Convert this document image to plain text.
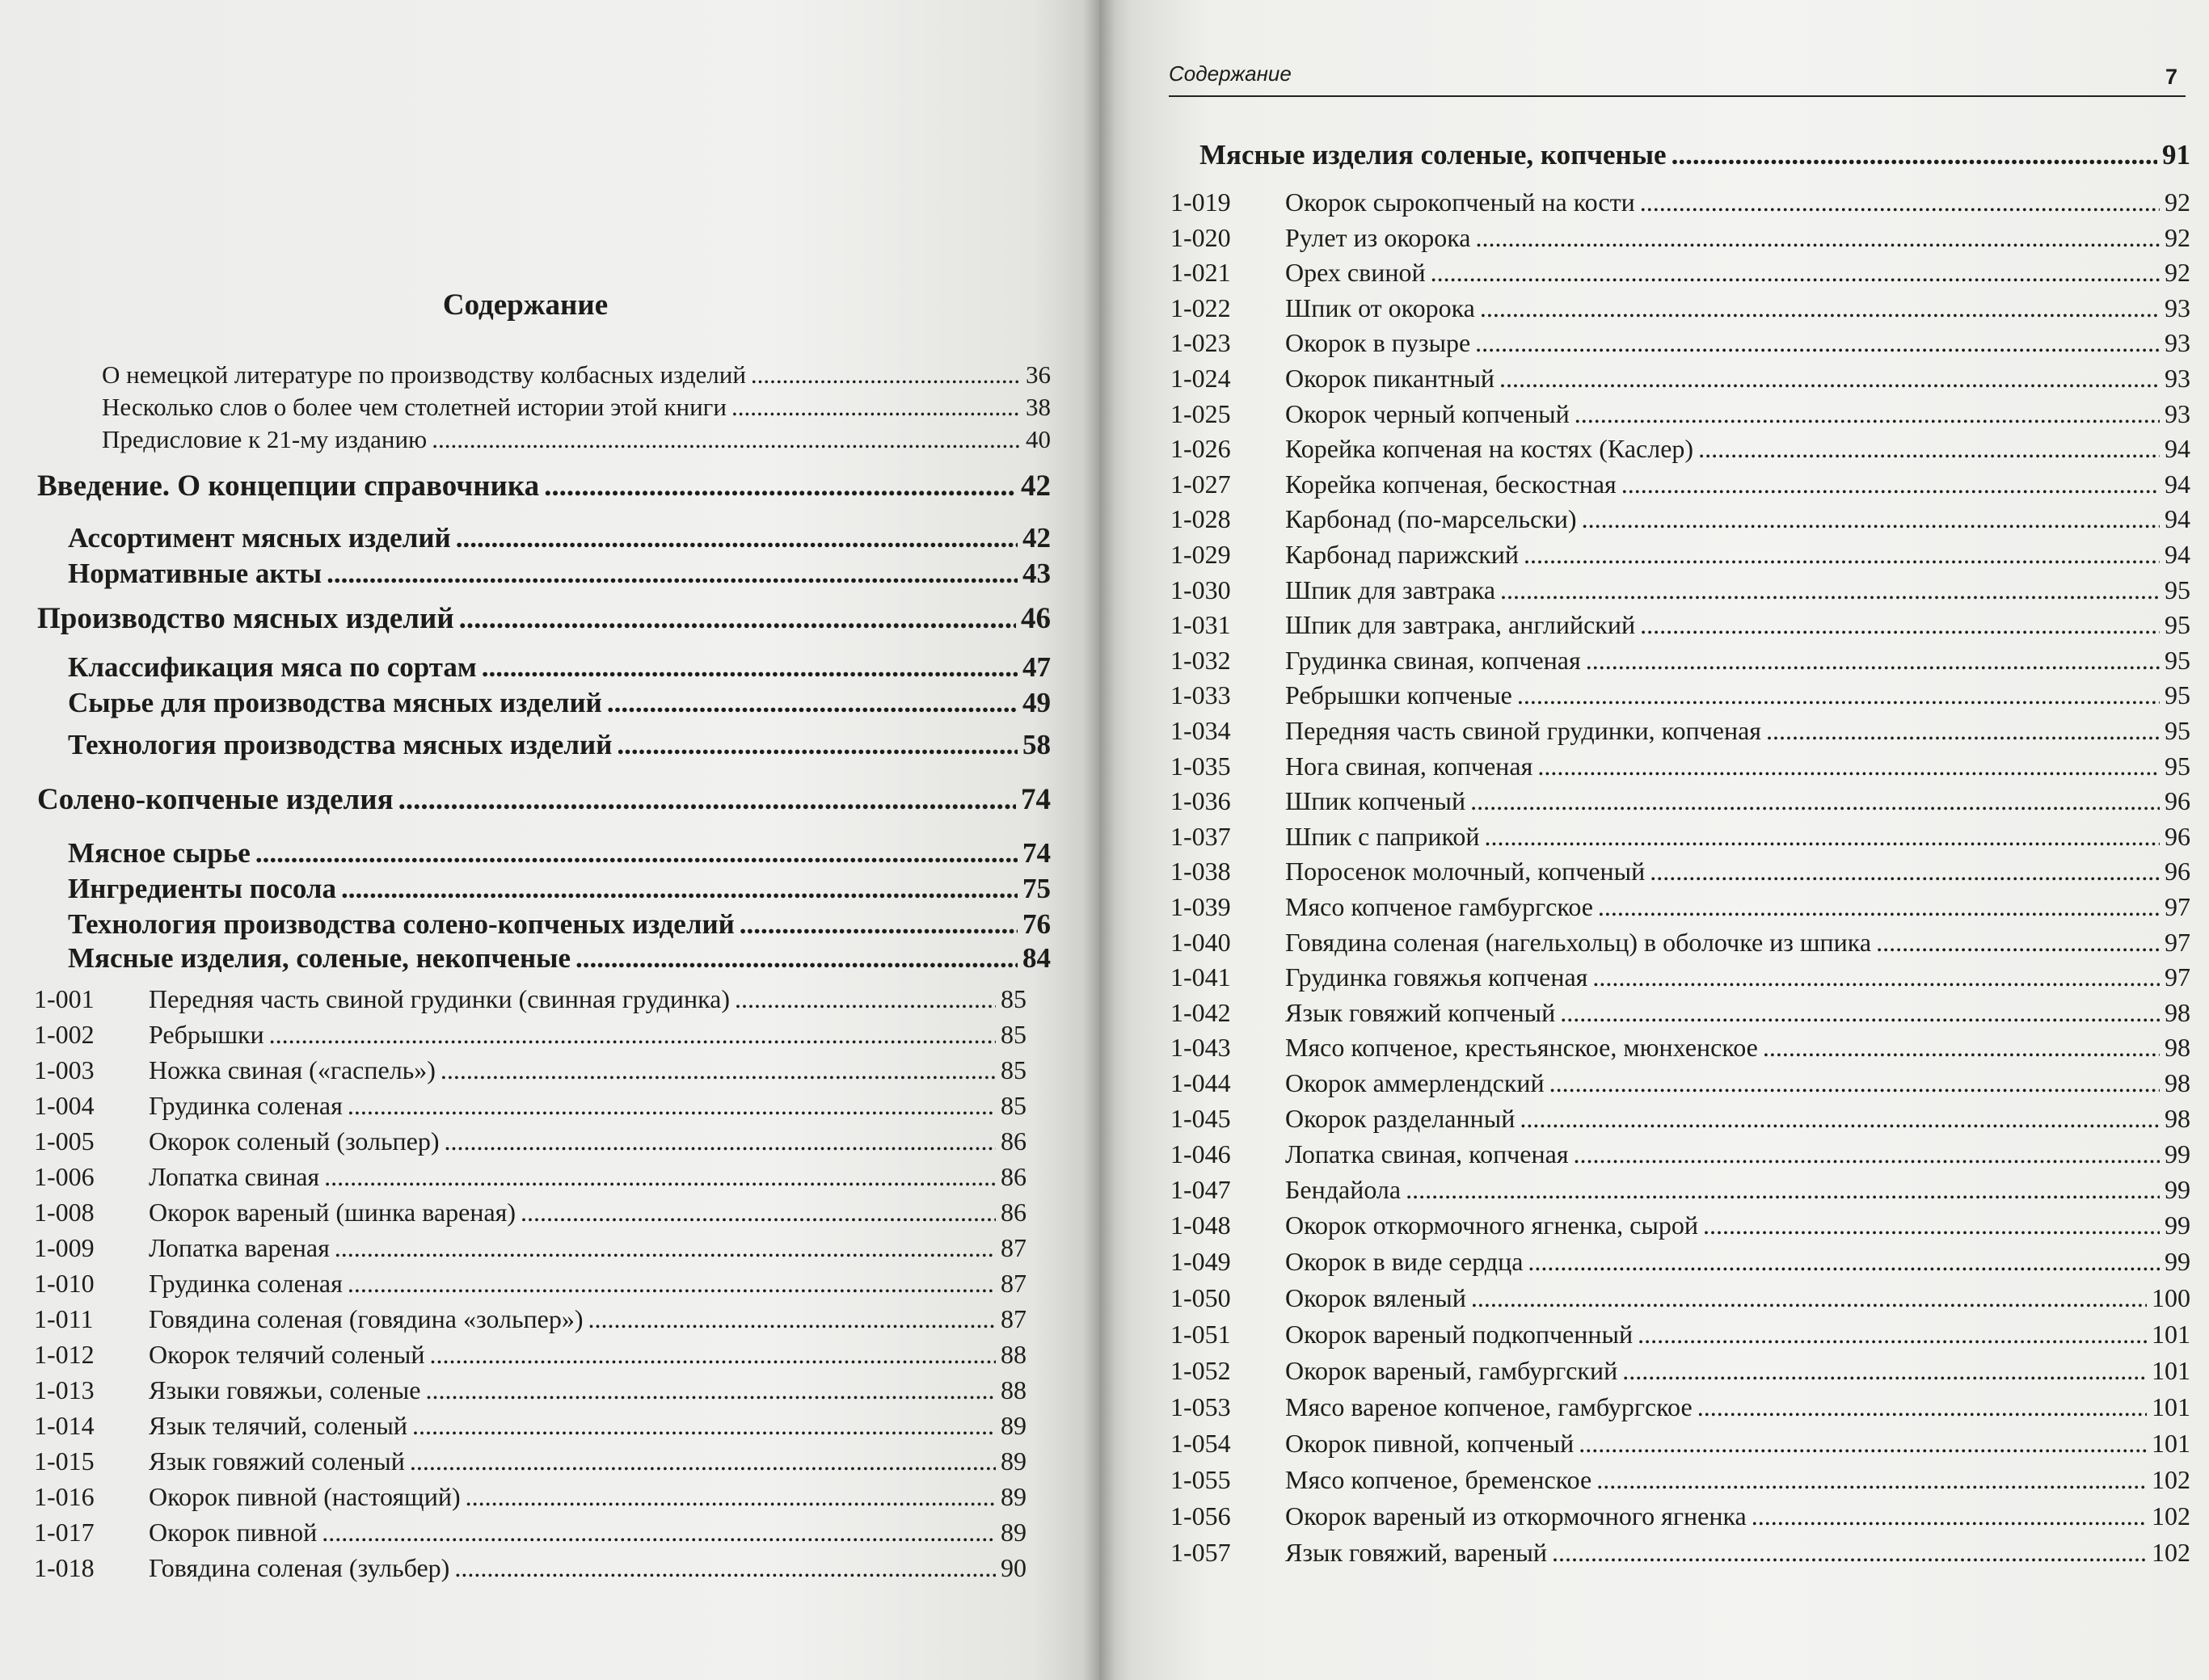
Содержание
О немецкой литературе по производству колбасных изделий .....	36
Несколько слов о более чем столетней истории этой книги .....	38
Предисловие к 21-му изданию .....	40
Введение. О концепции справочника .....	42
Ассортимент мясных изделий .....	42
Нормативные акты .....	43
Производство мясных изделий .....	46
Классификация мяса по сортам .....	47
Сырье для производства мясных изделий .....	49
Технология производства мясных изделий .....	58
Солено-копченые изделия .....	74
Мясное сырье .....	74
Ингредиенты посола .....	75
Технология производства солено-копченых изделий .....	76
Мясные изделия, соленые, некопченые .....	84
1-001	Передняя часть свиной грудинки (свинная грудинка) .....	85
1-002	Ребрышки .....	85
1-003	Ножка свиная («гаспель») .....	85
1-004	Грудинка соленая .....	85
1-005	Окорок соленый (зольпер) .....	86
1-006	Лопатка свиная .....	86
1-008	Окорок вареный (шинка вареная) .....	86
1-009	Лопатка вареная .....	87
1-010	Грудинка соленая .....	87
1-011	Говядина соленая (говядина «зольпер») .....	87
1-012	Окорок телячий соленый .....	88
1-013	Языки говяжьи, соленые .....	88
1-014	Язык телячий, соленый .....	89
1-015	Язык говяжий соленый .....	89
1-016	Окорок пивной (настоящий) .....	89
1-017	Окорок пивной .....	89
1-018	Говядина соленая (зульбер) .....	90
Содержание	7
Мясные изделия соленые, копченые .....	91
1-019	Окорок сырокопченый на кости .....	92
1-020	Рулет из окорока .....	92
1-021	Орех свиной .....	92
1-022	Шпик от окорока .....	93
1-023	Окорок в пузыре .....	93
1-024	Окорок пикантный .....	93
1-025	Окорок черный копченый .....	93
1-026	Корейка копченая на костях (Каслер) .....	94
1-027	Корейка копченая, бескостная .....	94
1-028	Карбонад (по-марсельски) .....	94
1-029	Карбонад парижский .....	94
1-030	Шпик для завтрака .....	95
1-031	Шпик для завтрака, английский .....	95
1-032	Грудинка свиная, копченая .....	95
1-033	Ребрышки копченые .....	95
1-034	Передняя часть свиной грудинки, копченая .....	95
1-035	Нога свиная, копченая .....	95
1-036	Шпик копченый .....	96
1-037	Шпик с паприкой .....	96
1-038	Поросенок молочный, копченый .....	96
1-039	Мясо копченое гамбургское .....	97
1-040	Говядина соленая (нагельхольц) в оболочке из шпика .....	97
1-041	Грудинка говяжья копченая .....	97
1-042	Язык говяжий копченый .....	98
1-043	Мясо копченое, крестьянское, мюнхенское .....	98
1-044	Окорок аммерлендский .....	98
1-045	Окорок разделанный .....	98
1-046	Лопатка свиная, копченая .....	99
1-047	Бендайола .....	99
1-048	Окорок откормочного ягненка, сырой .....	99
1-049	Окорок в виде сердца .....	99
1-050	Окорок вяленый .....	100
1-051	Окорок вареный подкопченный .....	101
1-052	Окорок вареный, гамбургский .....	101
1-053	Мясо вареное копченое, гамбургское .....	101
1-054	Окорок пивной, копченый .....	101
1-055	Мясо копченое, бременское .....	102
1-056	Окорок вареный из откормочного ягненка .....	102
1-057	Язык говяжий, вареный .....	102
